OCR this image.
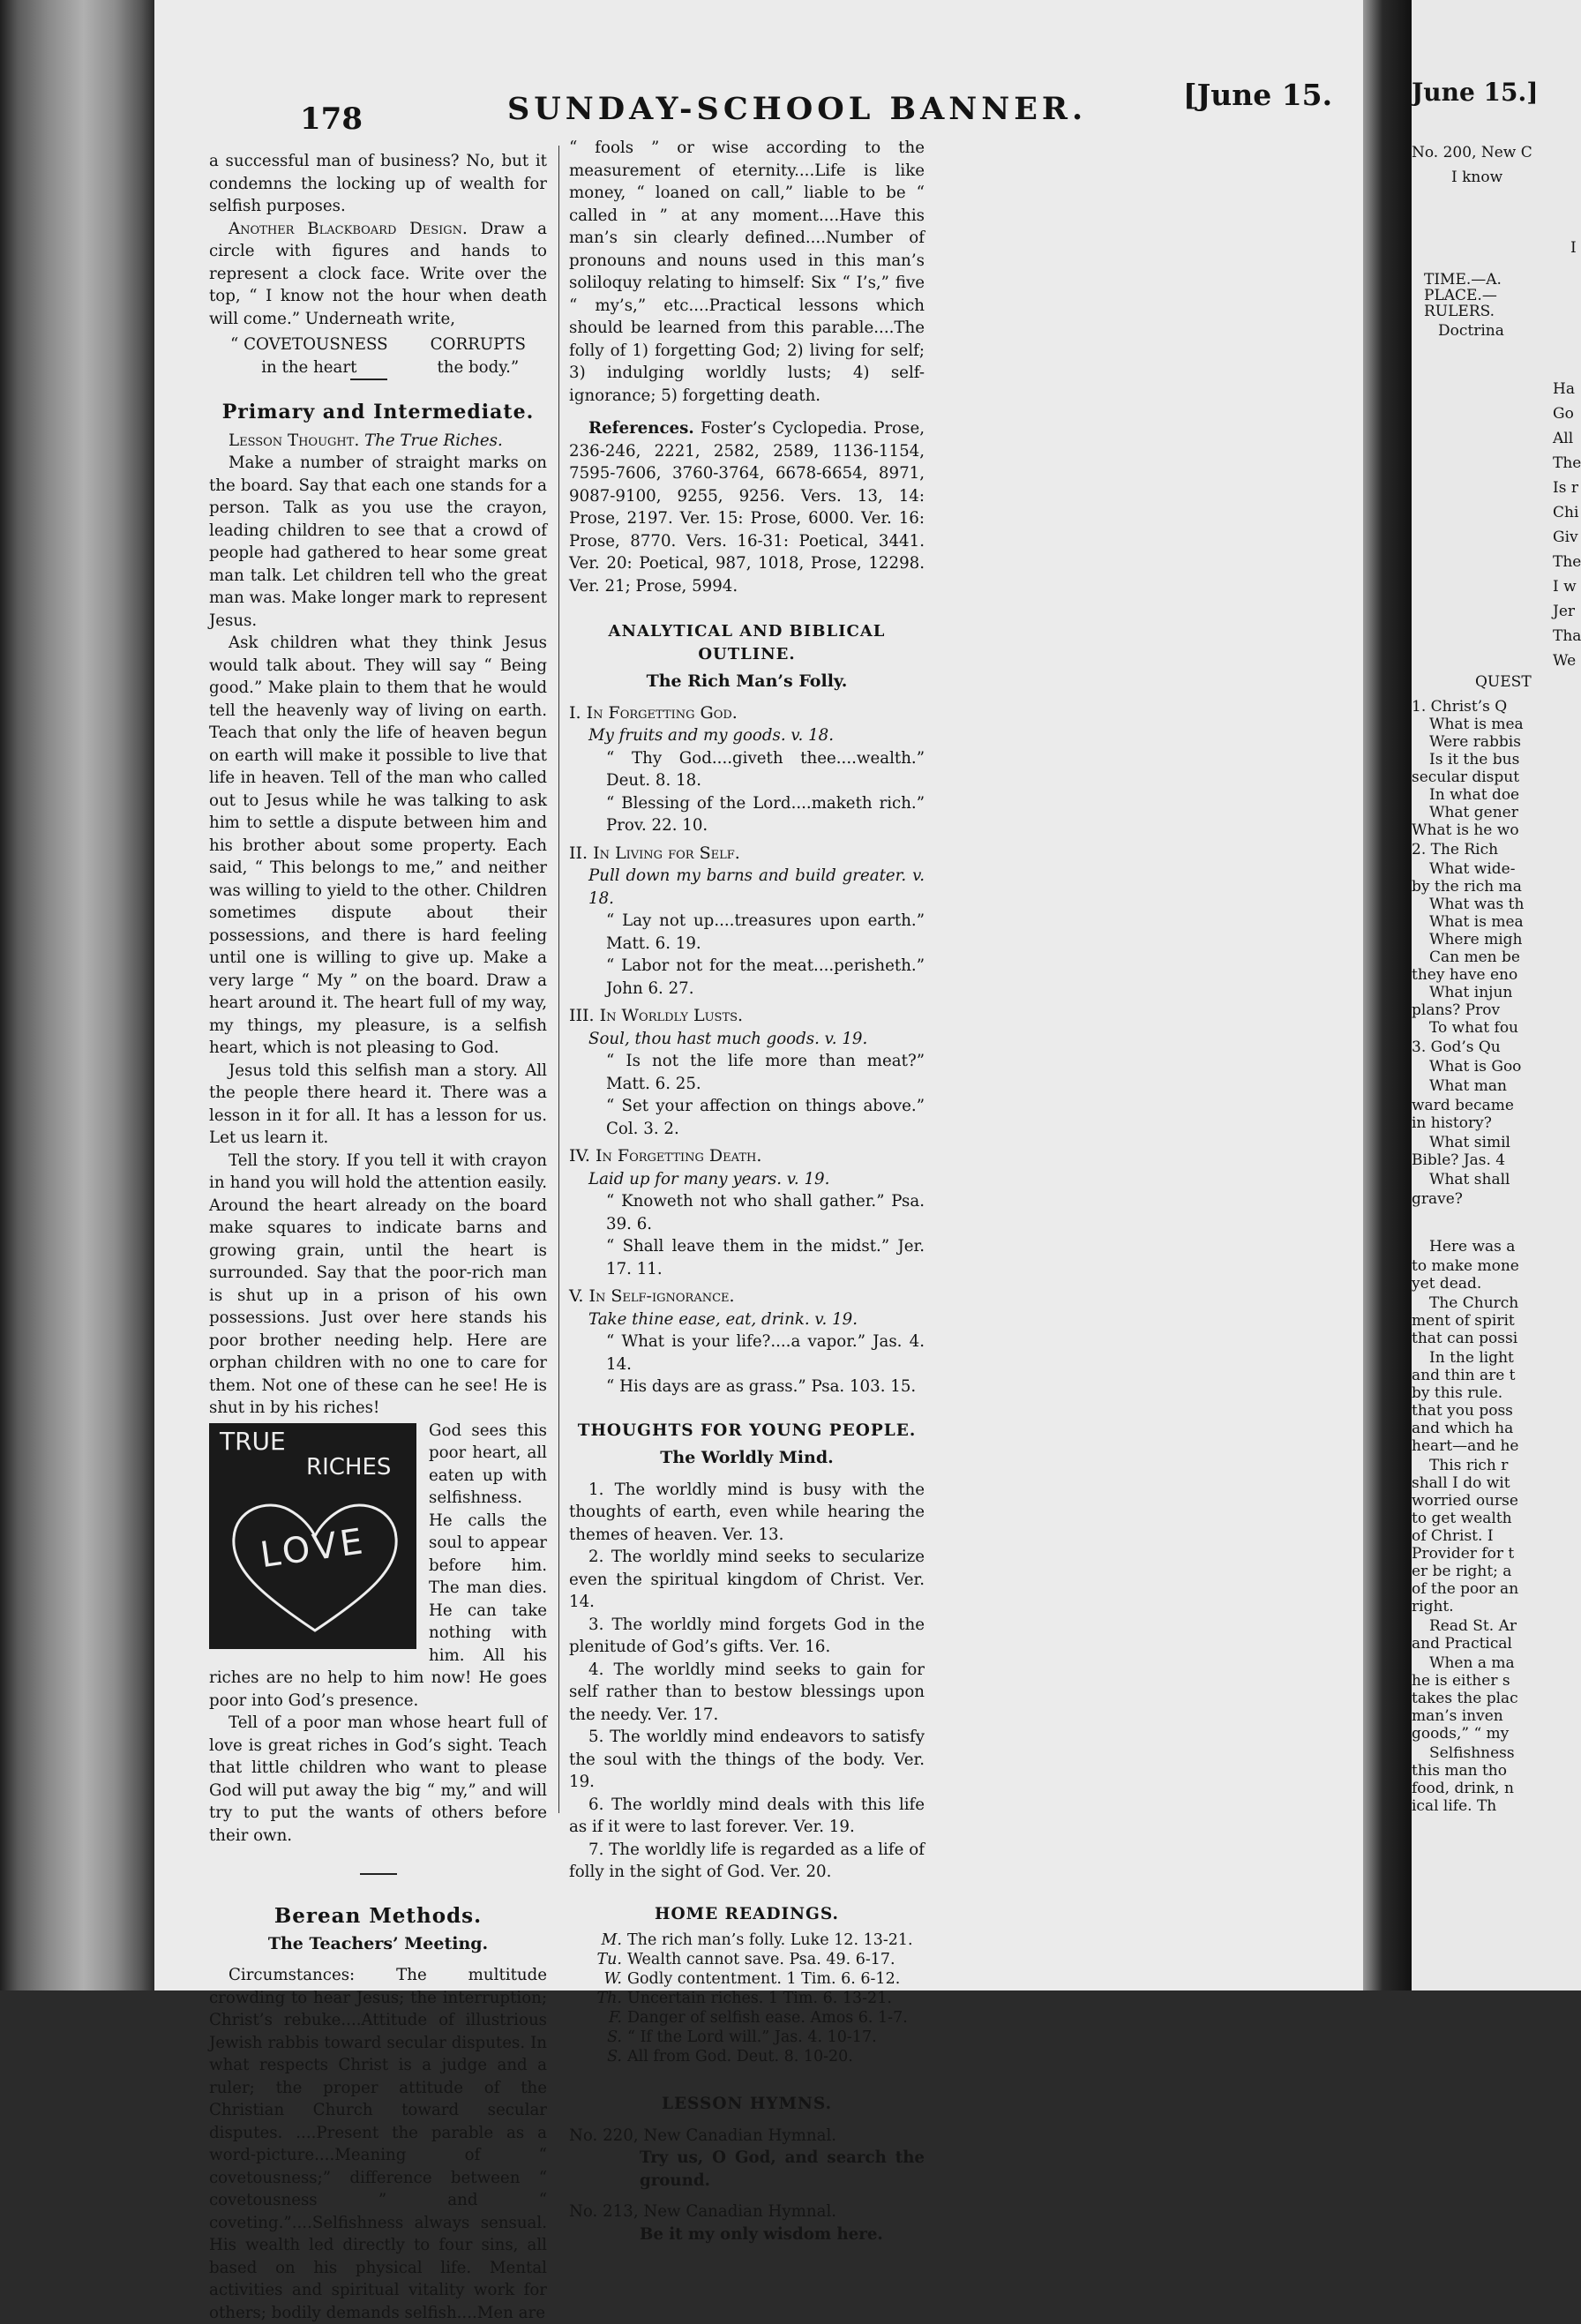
178	SUNDAY-SCHOOL BANNER.	[June 15.

a successful man of business? No, but it condemns the locking up of wealth for selfish purposes.

Another Blackboard Design. Draw a circle with figures and hands to represent a clock face. Write over the top, “ I know not the hour when death will come.” Underneath write,

“ COVETOUSNESS
in the heart
CORRUPTS
the body.”
Primary and Intermediate.

Lesson Thought. The True Riches.

Make a number of straight marks on the board. Say that each one stands for a person. Talk as you use the crayon, leading children to see that a crowd of people had gathered to hear some great man talk. Let children tell who the great man was. Make longer mark to represent Jesus.

Ask children what they think Jesus would talk about. They will say “ Being good.” Make plain to them that he would tell the heavenly way of living on earth. Teach that only the life of heaven begun on earth will make it possible to live that life in heaven. Tell of the man who called out to Jesus while he was talking to ask him to settle a dispute between him and his brother about some property. Each said, “ This belongs to me,” and neither was willing to yield to the other. Children sometimes dispute about their possessions, and there is hard feeling until one is willing to give up. Make a very large “ My ” on the board. Draw a heart around it. The heart full of my way, my things, my pleasure, is a selfish heart, which is not pleasing to God.

Jesus told this selfish man a story. All the people there heard it. There was a lesson in it for all. It has a lesson for us. Let us learn it.

Tell the story. If you tell it with crayon in hand you will hold the attention easily. Around the heart already on the board make squares to indicate barns and growing grain, until the heart is surrounded. Say that the poor-rich man is shut up in a prison of his own possessions. Just over here stands his poor brother needing help. Here are orphan children with no one to care for them. Not one of these can he see! He is shut in by his riches!

TRUE
RICHES
LOVE

God sees this poor heart, all eaten up with selfishness. He calls the soul to appear before him. The man dies. He can take nothing with him. All his riches are no help to him now! He goes poor into God’s presence.

Tell of a poor man whose heart full of love is great riches in God’s sight. Teach that little children who want to please God will put away the big “ my,” and will try to put the wants of others before their own.

Berean Methods.
The Teachers’ Meeting.

Circumstances: The multitude crowding to hear Jesus; the interruption; Christ’s rebuke....Attitude of illustrious Jewish rabbis toward secular disputes. In what respects Christ is a judge and a ruler; the proper attitude of the Christian Church toward secular disputes. ....Present the parable as a word-picture....Meaning of “ covetousness;” difference between “ covetousness ” and “ coveting.”....Selfishness always sensual. His wealth led directly to four sins, all based on his physical life. Mental activities and spiritual vitality work for others; bodily demands selfish....Men are

“ fools ” or wise according to the measurement of eternity....Life is like money, “ loaned on call,” liable to be “ called in ” at any moment....Have this man’s sin clearly defined....Number of pronouns and nouns used in this man’s soliloquy relating to himself: Six “ I’s,” five “ my’s,” etc....Practical lessons which should be learned from this parable....The folly of 1) forgetting God; 2) living for self; 3) indulging worldly lusts; 4) self-ignorance; 5) forgetting death.

References. Foster’s Cyclopedia. Prose, 236-246, 2221, 2582, 2589, 1136-1154, 7595-7606, 3760-3764, 6678-6654, 8971, 9087-9100, 9255, 9256. Vers. 13, 14: Prose, 2197. Ver. 15: Prose, 6000. Ver. 16: Prose, 8770. Vers. 16-31: Poetical, 3441. Ver. 20: Poetical, 987, 1018, Prose, 12298. Ver. 21; Prose, 5994.

ANALYTICAL AND BIBLICAL OUTLINE.
The Rich Man’s Folly.
I. In Forgetting God.
My fruits and my goods. v. 18.
“ Thy God....giveth thee....wealth.” Deut. 8. 18.
“ Blessing of the Lord....maketh rich.” Prov. 22. 10.
II. In Living for Self.
Pull down my barns and build greater. v. 18.
“ Lay not up....treasures upon earth.” Matt. 6. 19.
“ Labor not for the meat....perisheth.” John 6. 27.
III. In Worldly Lusts.
Soul, thou hast much goods. v. 19.
“ Is not the life more than meat?” Matt. 6. 25.
“ Set your affection on things above.” Col. 3. 2.
IV. In Forgetting Death.
Laid up for many years. v. 19.
“ Knoweth not who shall gather.” Psa. 39. 6.
“ Shall leave them in the midst.” Jer. 17. 11.
V. In Self-ignorance.
Take thine ease, eat, drink. v. 19.
“ What is your life?....a vapor.” Jas. 4. 14.
“ His days are as grass.” Psa. 103. 15.
THOUGHTS FOR YOUNG PEOPLE.
The Worldly Mind.

1. The worldly mind is busy with the thoughts of earth, even while hearing the themes of heaven. Ver. 13.

2. The worldly mind seeks to secularize even the spiritual kingdom of Christ. Ver. 14.

3. The worldly mind forgets God in the plenitude of God’s gifts. Ver. 16.

4. The worldly mind seeks to gain for self rather than to bestow blessings upon the needy. Ver. 17.

5. The worldly mind endeavors to satisfy the soul with the things of the body. Ver. 19.

6. The worldly mind deals with this life as if it were to last forever. Ver. 19.

7. The worldly life is regarded as a life of folly in the sight of God. Ver. 20.

HOME READINGS.
M. The rich man’s folly. Luke 12. 13-21.
Tu. Wealth cannot save. Psa. 49. 6-17.
W. Godly contentment. 1 Tim. 6. 6-12.
Th. Uncertain riches. 1 Tim. 6. 13-21.
F. Danger of selfish ease. Amos 6. 1-7.
S. “ If the Lord will.” Jas. 4. 10-17.
S. All from God. Deut. 8. 10-20.
LESSON HYMNS.
No. 220, New Canadian Hymnal.
Try us, O God, and search the ground.
No. 213, New Canadian Hymnal.
Be it my only wisdom here.
June 15.]
No. 200, New C
I know
I
TIME.—A.
PLACE.—
RULERS.
Doctrina
Ha
Go
All
The
Is r
Chi
Giv
The
I w
Jer
Tha
We
QUEST
1. Christ’s Q
What is mea
Were rabbis
Is it the bus
secular disput
In what doe
What gener
What is he wo
2. The Rich
What wide-
by the rich ma
What was th
What is mea
Where migh
Can men be
they have eno
What injun
plans? Prov
To what fou
3. God’s Qu
What is Goo
What man
ward became
in history?
What simil
Bible? Jas. 4
What shall
grave?
Here was a
to make mone
yet dead.
The Church
ment of spirit
that can possi
In the light
and thin are t
by this rule.
that you poss
and which ha
heart—and he
This rich r
shall I do wit
worried ourse
to get wealth
of Christ. I
Provider for t
er be right; a
of the poor an
right.
Read St. Ar
and Practical
When a ma
he is either s
takes the plac
man’s inven
goods,” “ my
Selfishness
this man tho
food, drink, n
ical life. Th
